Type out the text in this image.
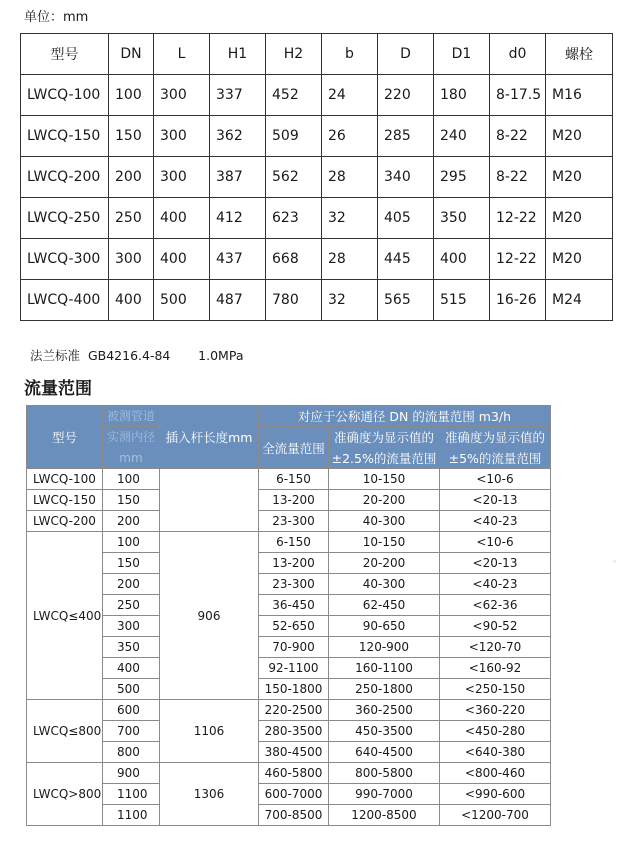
单位：mm
型号	DN	L	H1	H2	b	D	D1	d0	螺栓
LWCQ-100	100	300	337	452	24	220	180	8-17.5	M16
LWCQ-150	150	300	362	509	26	285	240	8-22	M20
LWCQ-200	200	300	387	562	28	340	295	8-22	M20
LWCQ-250	250	400	412	623	32	405	350	12-22	M20
LWCQ-300	300	400	437	668	28	445	400	12-22	M20
LWCQ-400	400	500	487	780	32	565	515	16-26	M24
法兰标准  GB4216.4-84       1.0MPa
流量范围
型号	被测管道	插入杆长度mm	对应于公称通径 DN 的流量范围 m3/h		
	实测内径		全流量范围	准确度为显示值的	准确度为显示值的
	mm			±2.5%的流量范围	±5%的流量范围
LWCQ-100	100		6-150	10-150	<10-6
LWCQ-150	150		13-200	20-200	<20-13
LWCQ-200	200		23-300	40-300	<40-23
LWCQ≤400	100	906	6-150	10-150	<10-6
	150		13-200	20-200	<20-13
	200		23-300	40-300	<40-23
	250		36-450	62-450	<62-36
	300		52-650	90-650	<90-52
	350		70-900	120-900	<120-70
	400		92-1100	160-1100	<160-92
	500		150-1800	250-1800	<250-150
LWCQ≤800	600	1106	220-2500	360-2500	<360-220
	700		280-3500	450-3500	<450-280
	800		380-4500	640-4500	<640-380
LWCQ>800	900	1306	460-5800	800-5800	<800-460
	1100		600-7000	990-7000	<990-600
	1100		700-8500	1200-8500	<1200-700
